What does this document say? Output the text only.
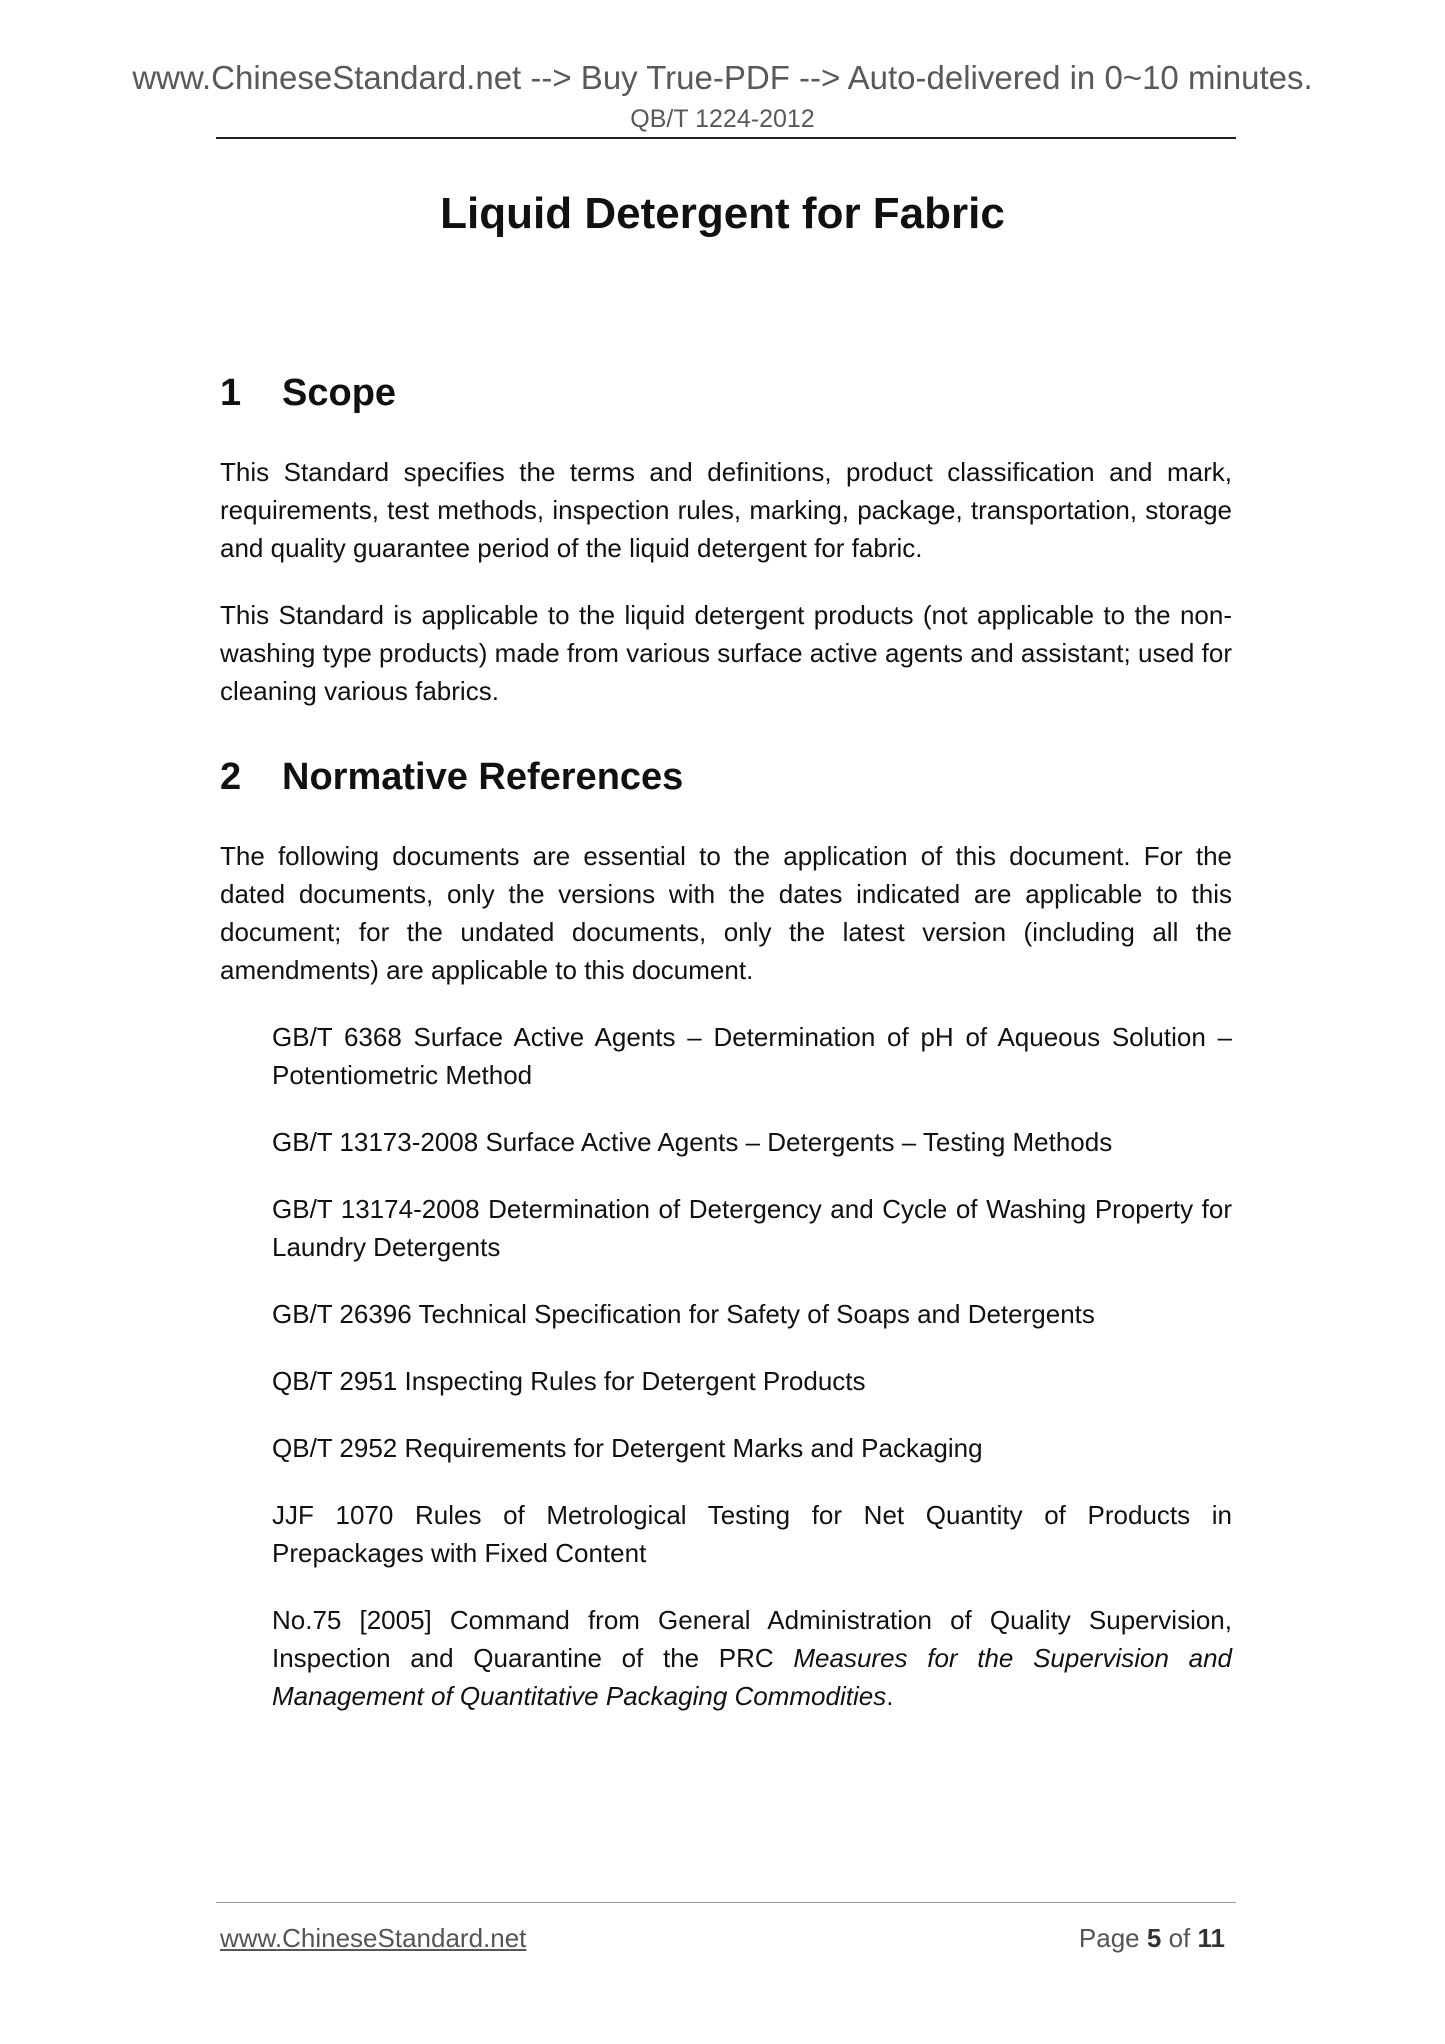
www.ChineseStandard.net --> Buy True-PDF --> Auto-delivered in 0~10 minutes.
QB/T 1224-2012
Liquid Detergent for Fabric
1	Scope

This Standard specifies the terms and definitions, product classification and mark, requirements, test methods, inspection rules, marking, package, transportation, storage and quality guarantee period of the liquid detergent for fabric.

This Standard is applicable to the liquid detergent products (not applicable to the non-washing type products) made from various surface active agents and assistant; used for cleaning various fabrics.

2	Normative References

The following documents are essential to the application of this document. For the dated documents, only the versions with the dates indicated are applicable to this document; for the undated documents, only the latest version (including all the amendments) are applicable to this document.

GB/T 6368 Surface Active Agents – Determination of pH of Aqueous Solution – Potentiometric Method

GB/T 13173-2008 Surface Active Agents – Detergents – Testing Methods

GB/T 13174-2008 Determination of Detergency and Cycle of Washing Property for Laundry Detergents

GB/T 26396 Technical Specification for Safety of Soaps and Detergents

QB/T 2951 Inspecting Rules for Detergent Products

QB/T 2952 Requirements for Detergent Marks and Packaging

JJF 1070 Rules of Metrological Testing for Net Quantity of Products in Prepackages with Fixed Content

No.75 [2005] Command from General Administration of Quality Supervision, Inspection and Quarantine of the PRC Measures for the Supervision and Management of Quantitative Packaging Commodities.

www.ChineseStandard.net	Page 5 of 11
